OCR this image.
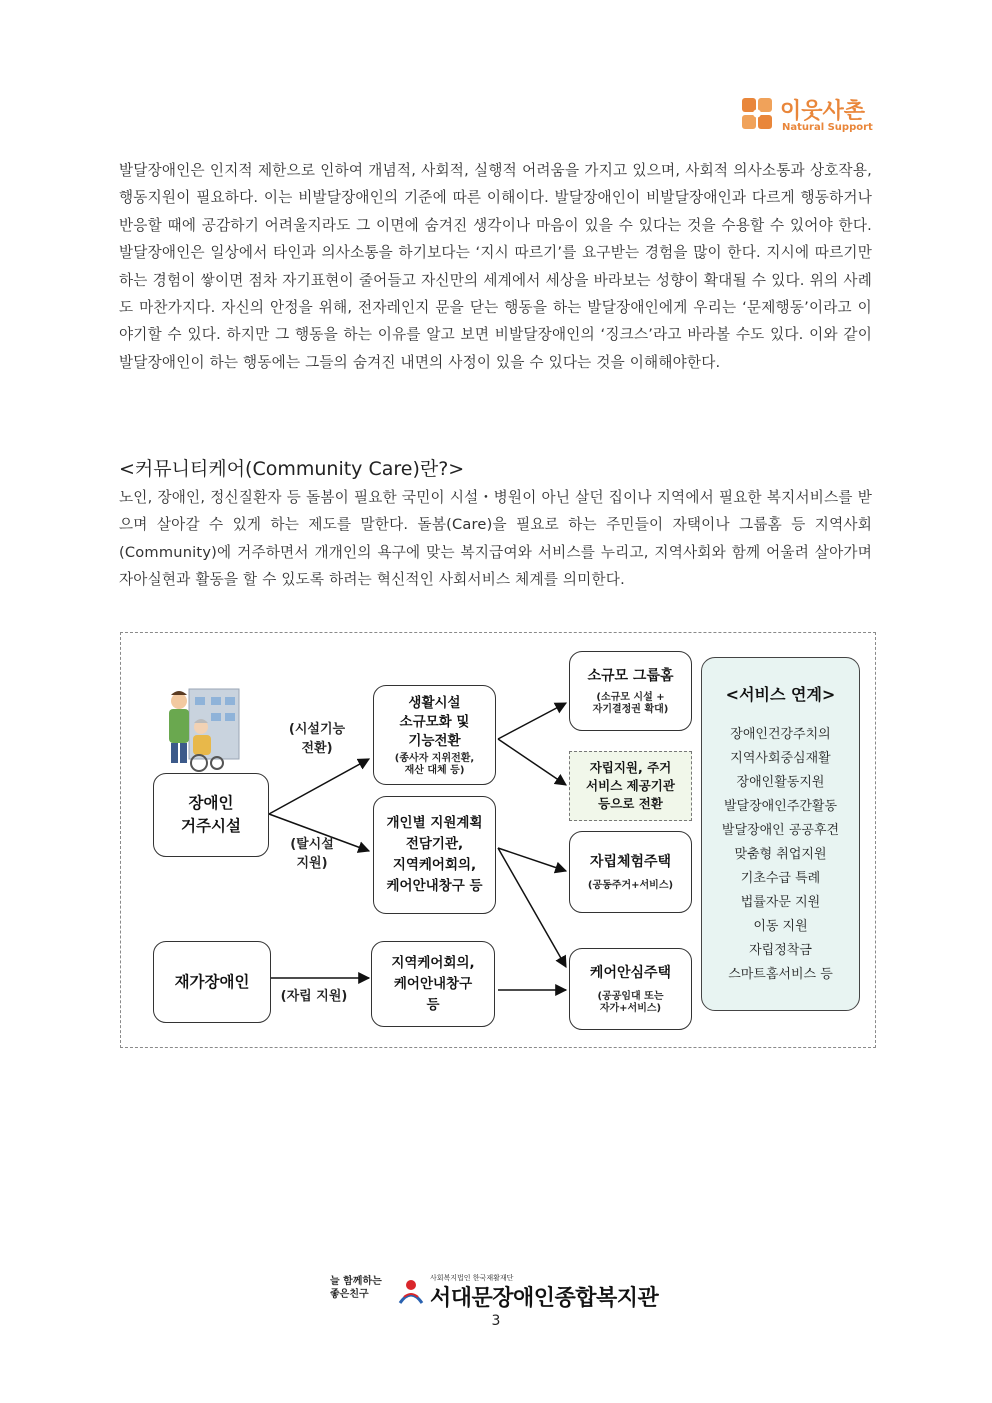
이웃사촌
Natural Support

발달장애인은 인지적 제한으로 인하여 개념적, 사회적, 실행적 어려움을 가지고 있으며, 사회적 의사소통과 상호작용, 행동지원이 필요하다. 이는 비발달장애인의 기준에 따른 이해이다. 발달장애인이 비발달장애인과 다르게 행동하거나 반응할 때에 공감하기 어려울지라도 그 이면에 숨겨진 생각이나 마음이 있을 수 있다는 것을 수용할 수 있어야 한다. 발달장애인은 일상에서 타인과 의사소통을 하기보다는 ‘지시 따르기’를 요구받는 경험을 많이 한다. 지시에 따르기만 하는 경험이 쌓이면 점차 자기표현이 줄어들고 자신만의 세계에서 세상을 바라보는 성향이 확대될 수 있다. 위의 사례도 마찬가지다. 자신의 안정을 위해, 전자레인지 문을 닫는 행동을 하는 발달장애인에게 우리는 ‘문제행동’이라고 이야기할 수 있다. 하지만 그 행동을 하는 이유를 알고 보면 비발달장애인의 ‘징크스’라고 바라볼 수도 있다. 이와 같이 발달장애인이 하는 행동에는 그들의 숨겨진 내면의 사정이 있을 수 있다는 것을 이해해야한다.

<커뮤니티케어(Community Care)란?>

노인, 장애인, 정신질환자 등 돌봄이 필요한 국민이 시설・병원이 아닌 살던 집이나 지역에서 필요한 복지서비스를 받으며 살아갈 수 있게 하는 제도를 말한다. 돌봄(Care)을 필요로 하는 주민들이 자택이나 그룹홈 등 지역사회(Community)에 거주하면서 개개인의 욕구에 맞는 복지급여와 서비스를 누리고, 지역사회와 함께 어울려 살아가며 자아실현과 활동을 할 수 있도록 하려는 혁신적인 사회서비스 체계를 의미한다.

장애인
거주시설
재가장애인
(시설기능
전환)
(탈시설
지원)
(자립 지원)
생활시설
소규모화 및
기능전환
(종사자 지위전환,
재산 대체 등)
개인별 지원계획
전담기관,
지역케어회의,
케어안내창구 등
지역케어회의,
케어안내창구
등
소규모 그룹홈
(소규모 시설 +
자기결정권 확대)
자립지원, 주거
서비스 제공기관
등으로 전환
자립체험주택
(공동주거+서비스)
케어안심주택
(공공임대 또는
자가+서비스)
<서비스 연계>
장애인건강주치의
지역사회중심재활
장애인활동지원
발달장애인주간활동
발달장애인 공공후견
맞춤형 취업지원
기초수급 특례
법률자문 지원
이동 지원
자립정착금
스마트홈서비스 등
늘 함께하는
좋은친구
사회복지법인 한국재활재단
서대문장애인종합복지관
3
